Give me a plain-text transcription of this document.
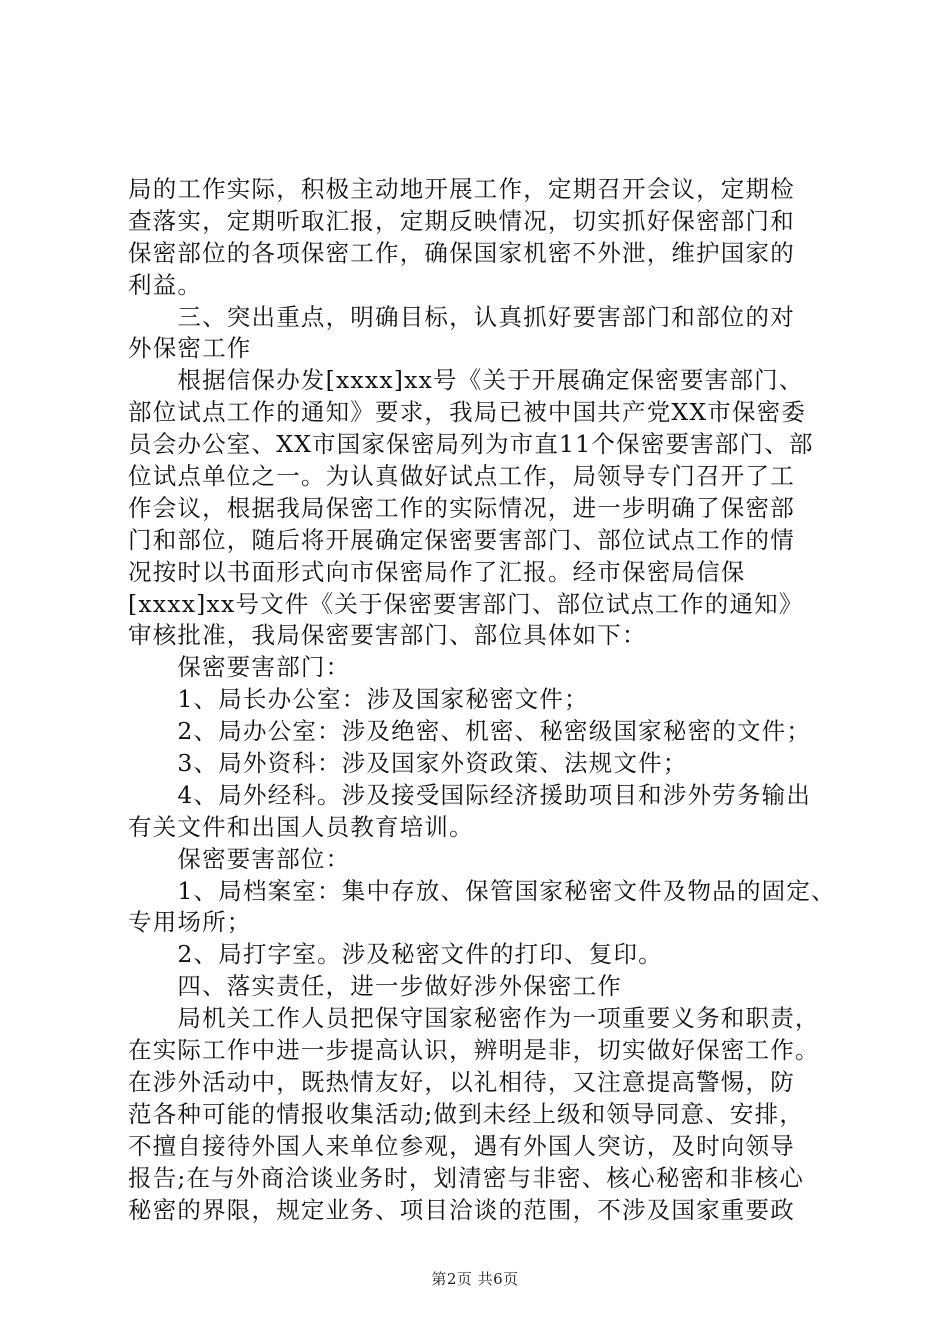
局的工作实际，积极主动地开展工作，定期召开会议，定期检
查落实，定期听取汇报，定期反映情况，切实抓好保密部门和
保密部位的各项保密工作，确保国家机密不外泄，维护国家的
利益。
　　三、突出重点，明确目标，认真抓好要害部门和部位的对
外保密工作
　　根据信保办发[xxxx]xx号《关于开展确定保密要害部门、
部位试点工作的通知》要求，我局已被中国共产党XX市保密委
员会办公室、XX市国家保密局列为市直11个保密要害部门、部
位试点单位之一。为认真做好试点工作，局领导专门召开了工
作会议，根据我局保密工作的实际情况，进一步明确了保密部
门和部位，随后将开展确定保密要害部门、部位试点工作的情
况按时以书面形式向市保密局作了汇报。经市保密局信保
[xxxx]xx号文件《关于保密要害部门、部位试点工作的通知》
审核批准，我局保密要害部门、部位具体如下：
　　保密要害部门：
　　1、局长办公室：涉及国家秘密文件；
　　2、局办公室：涉及绝密、机密、秘密级国家秘密的文件；
　　3、局外资科：涉及国家外资政策、法规文件；
　　4、局外经科。涉及接受国际经济援助项目和涉外劳务输出
有关文件和出国人员教育培训。
　　保密要害部位：
　　1、局档案室：集中存放、保管国家秘密文件及物品的固定、
专用场所；
　　2、局打字室。涉及秘密文件的打印、复印。
　　四、落实责任，进一步做好涉外保密工作
　　局机关工作人员把保守国家秘密作为一项重要义务和职责，
在实际工作中进一步提高认识，辨明是非，切实做好保密工作。
在涉外活动中，既热情友好，以礼相待，又注意提高警惕，防
范各种可能的情报收集活动;做到未经上级和领导同意、安排，
不擅自接待外国人来单位参观，遇有外国人突访，及时向领导
报告;在与外商洽谈业务时，划清密与非密、核心秘密和非核心
秘密的界限，规定业务、项目洽谈的范围，不涉及国家重要政
第2页 共6页
